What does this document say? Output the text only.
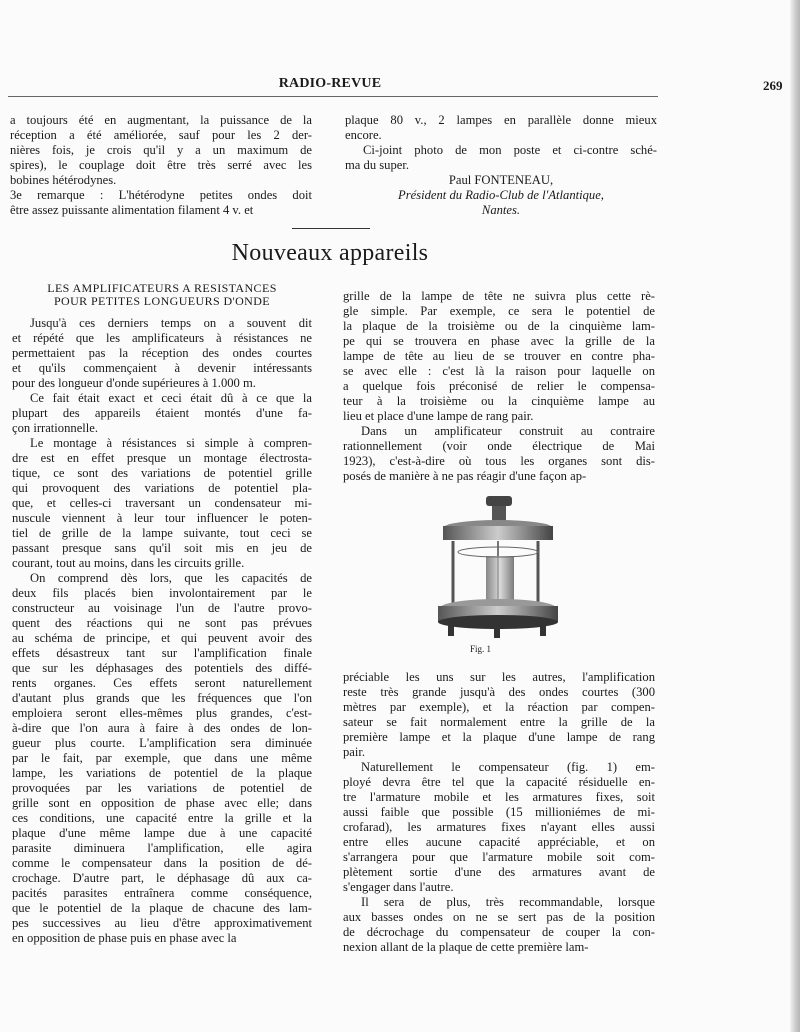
RADIO-REVUE	269
a toujours été en augmentant, la puissance de la
réception a été améliorée, sauf pour les 2 der-
nières fois, je crois qu'il y a un maximum de
spires), le couplage doit être très serré avec les
bobines hétérodynes.
3e remarque : L'hétérodyne petites ondes doit
être assez puissante alimentation filament 4 v. et
plaque 80 v., 2 lampes en parallèle donne mieux
encore.
Ci-joint photo de mon poste et ci-contre sché-
ma du super.
Paul FONTENEAU,
Président du Radio-Club de l'Atlantique,
Nantes.
Nouveaux appareils
LES AMPLIFICATEURS A RESISTANCES
POUR PETITES LONGUEURS D'ONDE
Jusqu'à ces derniers temps on a souvent dit
et répété que les amplificateurs à résistances ne
permettaient pas la réception des ondes courtes
et qu'ils commençaient à devenir intéressants
pour des longueur d'onde supérieures à 1.000 m.
Ce fait était exact et ceci était dû à ce que la
plupart des appareils étaient montés d'une fa-
çon irrationnelle.
Le montage à résistances si simple à compren-
dre est en effet presque un montage électrosta-
tique, ce sont des variations de potentiel grille
qui provoquent des variations de potentiel pla-
que, et celles-ci traversant un condensateur mi-
nuscule viennent à leur tour influencer le poten-
tiel de grille de la lampe suivante, tout ceci se
passant presque sans qu'il soit mis en jeu de
courant, tout au moins, dans les circuits grille.
On comprend dès lors, que les capacités de
deux fils placés bien involontairement par le
constructeur au voisinage l'un de l'autre provo-
quent des réactions qui ne sont pas prévues
au schéma de principe, et qui peuvent avoir des
effets désastreux tant sur l'amplification finale
que sur les déphasages des potentiels des diffé-
rents organes. Ces effets seront naturellement
d'autant plus grands que les fréquences que l'on
emploiera seront elles-mêmes plus grandes, c'est-
à-dire que l'on aura à faire à des ondes de lon-
gueur plus courte. L'amplification sera diminuée
par le fait, par exemple, que dans une même
lampe, les variations de potentiel de la plaque
provoquées par les variations de potentiel de
grille sont en opposition de phase avec elle; dans
ces conditions, une capacité entre la grille et la
plaque d'une même lampe due à une capacité
parasite diminuera l'amplification, elle agira
comme le compensateur dans la position de dé-
crochage. D'autre part, le déphasage dû aux ca-
pacités parasites entraînera comme conséquence,
que le potentiel de la plaque de chacune des lam-
pes successives au lieu d'être approximativement
en opposition de phase puis en phase avec la
grille de la lampe de tête ne suivra plus cette rè-
gle simple. Par exemple, ce sera le potentiel de
la plaque de la troisième ou de la cinquième lam-
pe qui se trouvera en phase avec la grille de la
lampe de tête au lieu de se trouver en contre pha-
se avec elle : c'est là la raison pour laquelle on
a quelque fois préconisé de relier le compensa-
teur à la troisième ou la cinquième lampe au
lieu et place d'une lampe de rang pair.
Dans un amplificateur construit au contraire
rationnellement (voir onde électrique de Mai
1923), c'est-à-dire où tous les organes sont dis-
posés de manière à ne pas réagir d'une façon ap-
Fig. 1
préciable les uns sur les autres, l'amplification
reste très grande jusqu'à des ondes courtes (300
mètres par exemple), et la réaction par compen-
sateur se fait normalement entre la grille de la
première lampe et la plaque d'une lampe de rang
pair.
Naturellement le compensateur (fig. 1) em-
ployé devra être tel que la capacité résiduelle en-
tre l'armature mobile et les armatures fixes, soit
aussi faible que possible (15 millioniémes de mi-
crofarad), les armatures fixes n'ayant elles aussi
entre elles aucune capacité appréciable, et on
s'arrangera pour que l'armature mobile soit com-
plètement sortie d'une des armatures avant de
s'engager dans l'autre.
Il sera de plus, très recommandable, lorsque
aux basses ondes on ne se sert pas de la position
de décrochage du compensateur de couper la con-
nexion allant de la plaque de cette première lam-
